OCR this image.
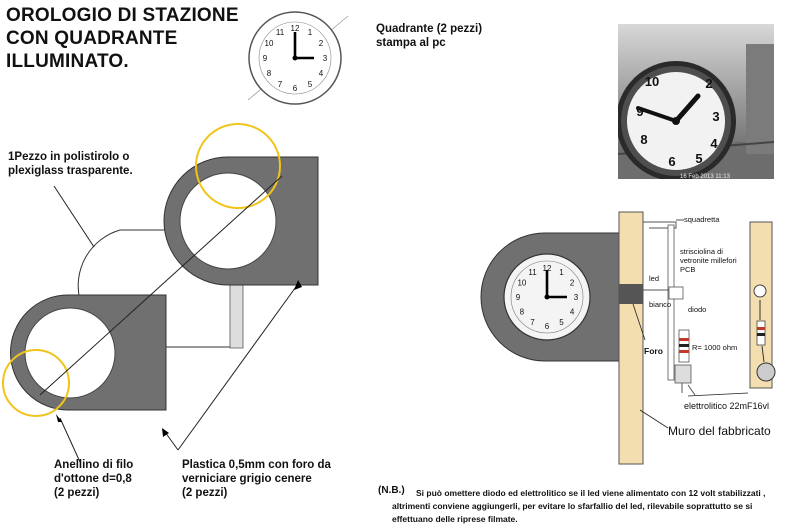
OROLOGIO DI STAZIONE
CON QUADRANTE
ILLUMINATO.
Quadrante (2 pezzi)
stampa al pc
10	2
9	3
8	4
6 5
16 Feb 2013 11:13
12 1
2
3
4
5
6
7
8
9
10
11
12 1
2
3
4
5
6
7
8
9
10
11
1Pezzo in polistirolo o
plexiglass trasparente.
Anellino di filo
d'ottone d=0,8
(2 pezzi)
Plastica 0,5mm con foro da
verniciare grigio cenere
(2 pezzi)
squadretta
strisciolina di
vetronite millefori
PCB
led
bianco
diodo
R= 1000 ohm
Foro
elettrolitico 22mF16vl
Muro del fabbricato
(N.B.) Si può omettere diodo ed elettrolitico se il led viene alimentato con 12 volt stabilizzati ,
altrimenti conviene aggiungerli, per evitare lo sfarfallio del led, rilevabile soprattutto se si
effettuano delle riprese filmate.
